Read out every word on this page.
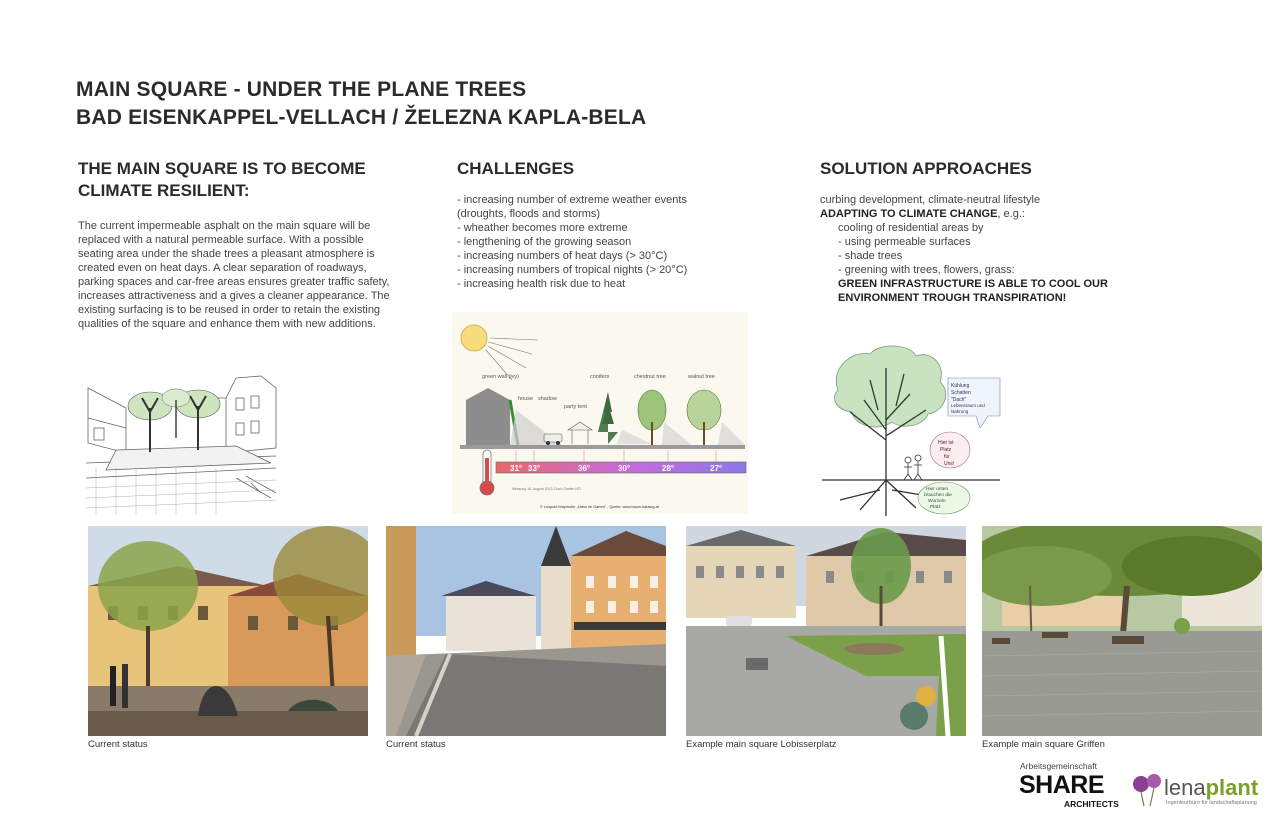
MAIN SQUARE - UNDER THE PLANE TREES
BAD EISENKAPPEL-VELLACH / ŽELEZNA KAPLA-BELA
THE MAIN SQUARE IS TO BECOME
CLIMATE RESILIENT:
The current impermeable asphalt on the main square will be
replaced with a natural permeable surface. With a possible
seating area under the shade trees a pleasant atmosphere is
created even on heat days. A clear separation of roadways,
parking spaces and car-free areas ensures greater traffic safety,
increases attractiveness and a gives a cleaner appearance. The
existing surfacing is to be reused in order to retain the existing
qualities of the square and enhance them with new additions.
CHALLENGES
- increasing number of extreme weather events
(droughts, floods and storms)
- wheather becomes more extreme
- lengthening of the growing season
- increasing numbers of heat days (> 30°C)
- increasing numbers of tropical nights (> 20°C)
- increasing health risk due to heat
green wall (ivy)
house shadow
party tent
conifers	chestnut tree	walnut tree
31° 33°	36°	30°	28°	27°
Messung 16. August 2013, Dach-Garten NÖ
© Leopold Mayrhofer „Natur im Garten" , Quelle: www.baum-katalog.at
SOLUTION APPROACHES
curbing development, climate-neutral lifestyle
ADAPTING TO CLIMATE CHANGE, e.g.:
cooling of residential areas by
- using permeable surfaces
- shade trees
- greening with trees, flowers, grass:
GREEN INFRASTRUCTURE IS ABLE TO COOL OUR
ENVIRONMENT TROUGH TRANSPIRATION!
Kühlung
Schatten
"Dach"
Lebensraum und
Nahrung
Hier ist
Platz
für
Uns!
Hier unten
brauchen die
Wurzeln
Platz
Current status	Current status	Example main square Lobisserplatz	Example main square Griffen
Arbeitsgemeinschaft
SHARE
ARCHITECTS
lenaplant
Ingenieurbüro für landschaftsplanung
